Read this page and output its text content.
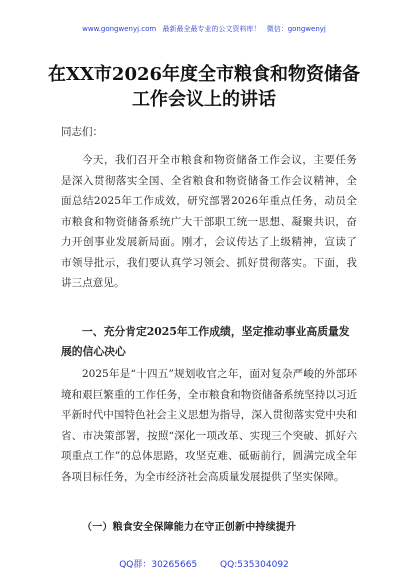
www.gongwenyj.com 最新最全最专业的公文资料库！ 微信：gongwenyj
在XX市2026年度全市粮食和物资储备
工作会议上的讲话
同志们：
今天，我们召开全市粮食和物资储备工作会议，主要任务是深入贯彻落实全国、全省粮食和物资储备工作会议精神，全面总结2025年工作成效，研究部署2026年重点任务，动员全市粮食和物资储备系统广大干部职工统一思想、凝聚共识，奋力开创事业发展新局面。刚才，会议传达了上级精神，宣读了市领导批示，我们要认真学习领会、抓好贯彻落实。下面，我讲三点意见。
一、充分肯定2025年工作成绩，坚定推动事业高质量发展的信心决心
2025年是“十四五”规划收官之年，面对复杂严峻的外部环境和艰巨繁重的工作任务，全市粮食和物资储备系统坚持以习近平新时代中国特色社会主义思想为指导，深入贯彻落实党中央和省、市决策部署，按照“深化一项改革、实现三个突破、抓好六项重点工作”的总体思路，攻坚克难、砥砺前行，圆满完成全年各项目标任务，为全市经济社会高质量发展提供了坚实保障。
（一）粮食安全保障能力在守正创新中持续提升
QQ群：30265665	QQ:535304092
